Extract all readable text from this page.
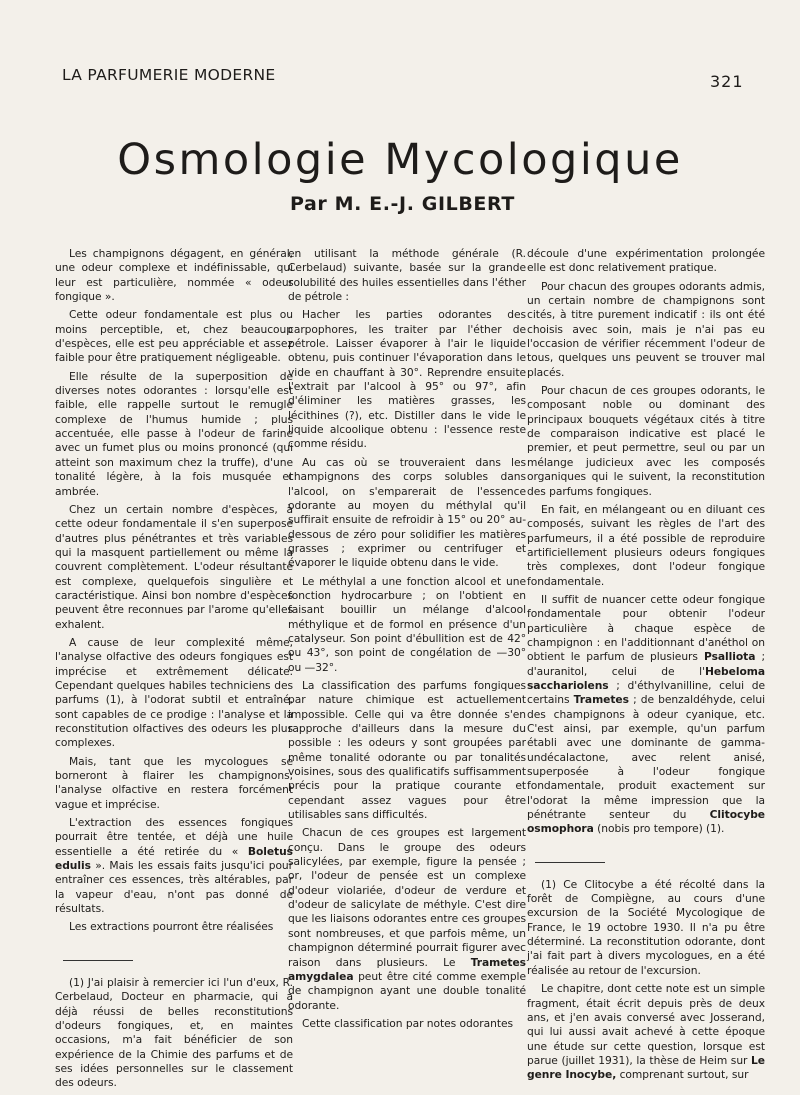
LA PARFUMERIE MODERNE	321
Osmologie Mycologique
Par M. E.-J. GILBERT

Les champignons dégagent, en général, une odeur complexe et indéfinissable, qui leur est particulière, nommée « odeur fongique ».

Cette odeur fondamentale est plus ou moins perceptible, et, chez beaucoup d'espèces, elle est peu appréciable et assez faible pour être pratiquement négligeable.

Elle résulte de la superposition de diverses notes odorantes : lorsqu'elle est faible, elle rappelle surtout le remugle complexe de l'humus humide ; plus accentuée, elle passe à l'odeur de farine avec un fumet plus ou moins prononcé (qui atteint son maximum chez la truffe), d'une tonalité légère, à la fois musquée et ambrée.

Chez un certain nombre d'espèces, à cette odeur fondamentale il s'en superpose d'autres plus pénétrantes et très variables qui la masquent partiellement ou même la couvrent complètement. L'odeur résultante est complexe, quelquefois singulière et caractéristique. Ainsi bon nombre d'espèces peuvent être reconnues par l'arome qu'elles exhalent.

A cause de leur complexité même, l'analyse olfactive des odeurs fongiques est imprécise et extrêmement délicate. Cependant quelques habiles techniciens des parfums (1), à l'odorat subtil et entraîné, sont capables de ce prodige : l'analyse et la reconstitution olfactives des odeurs les plus complexes.

Mais, tant que les mycologues se borneront à flairer les champignons, l'analyse olfactive en restera forcément vague et imprécise.

L'extraction des essences fongiques pourrait être tentée, et déjà une huile essentielle a été retirée du « Boletus edulis ». Mais les essais faits jusqu'ici pour entraîner ces essences, très altérables, par la vapeur d'eau, n'ont pas donné de résultats.

Les extractions pourront être réalisées

(1) J'ai plaisir à remercier ici l'un d'eux, R. Cerbelaud, Docteur en pharmacie, qui a déjà réussi de belles reconstitutions d'odeurs fongiques, et, en maintes occasions, m'a fait bénéficier de son expérience de la Chimie des parfums et de ses idées personnelles sur le classement des odeurs.

en utilisant la méthode générale (R. Cerbelaud) suivante, basée sur la grande solubilité des huiles essentielles dans l'éther de pétrole :

Hacher les parties odorantes des carpophores, les traiter par l'éther de pétrole. Laisser évaporer à l'air le liquide obtenu, puis continuer l'évaporation dans le vide en chauffant à 30°. Reprendre ensuite l'extrait par l'alcool à 95° ou 97°, afin d'éliminer les matières grasses, les lécithines (?), etc. Distiller dans le vide le liquide alcoolique obtenu : l'essence reste comme résidu.

Au cas où se trouveraient dans les champignons des corps solubles dans l'alcool, on s'emparerait de l'essence odorante au moyen du méthylal qu'il suffirait ensuite de refroidir à 15° ou 20° au-dessous de zéro pour solidifier les matières grasses ; exprimer ou centrifuger et évaporer le liquide obtenu dans le vide.

Le méthylal a une fonction alcool et une fonction hydrocarbure ; on l'obtient en faisant bouillir un mélange d'alcool méthylique et de formol en présence d'un catalyseur. Son point d'ébullition est de 42° ou 43°, son point de congélation de —30° ou —32°.

La classification des parfums fongiques par nature chimique est actuellement impossible. Celle qui va être donnée s'en rapproche d'ailleurs dans la mesure du possible : les odeurs y sont groupées par même tonalité odorante ou par tonalités voisines, sous des qualificatifs suffisamment précis pour la pratique courante et cependant assez vagues pour être utilisables sans difficultés.

Chacun de ces groupes est largement conçu. Dans le groupe des odeurs salicylées, par exemple, figure la pensée ; or, l'odeur de pensée est un complexe d'odeur violariée, d'odeur de verdure et d'odeur de salicylate de méthyle. C'est dire que les liaisons odorantes entre ces groupes sont nombreuses, et que parfois même, un champignon déterminé pourrait figurer avec raison dans plusieurs. Le Trametes amygdalea peut être cité comme exemple de champignon ayant une double tonalité odorante.

Cette classification par notes odorantes

découle d'une expérimentation prolongée elle est donc relativement pratique.

Pour chacun des groupes odorants admis, un certain nombre de champignons sont cités, à titre purement indicatif : ils ont été choisis avec soin, mais je n'ai pas eu l'occasion de vérifier récemment l'odeur de tous, quelques uns peuvent se trouver mal placés.

Pour chacun de ces groupes odorants, le composant noble ou dominant des principaux bouquets végétaux cités à titre de comparaison indicative est placé le premier, et peut permettre, seul ou par un mélange judicieux avec les composés organiques qui le suivent, la reconstitution des parfums fongiques.

En fait, en mélangeant ou en diluant ces composés, suivant les règles de l'art des parfumeurs, il a été possible de reproduire artificiellement plusieurs odeurs fongiques très complexes, dont l'odeur fongique fondamentale.

Il suffit de nuancer cette odeur fongique fondamentale pour obtenir l'odeur particulière à chaque espèce de champignon : en l'additionnant d'anéthol on obtient le parfum de plusieurs Psalliota ; d'auranitol, celui de l'Hebeloma sacchariolens ; d'éthylvanilline, celui de certains Trametes ; de benzaldéhyde, celui des champignons à odeur cyanique, etc. C'est ainsi, par exemple, qu'un parfum établi avec une dominante de gamma-undécalactone, avec relent anisé, superposée à l'odeur fongique fondamentale, produit exactement sur l'odorat la même impression que la pénétrante senteur du Clitocybe osmophora (nobis pro tempore) (1).

(1) Ce Clitocybe a été récolté dans la forêt de Compiègne, au cours d'une excursion de la Société Mycologique de France, le 19 octobre 1930. Il n'a pu être déterminé. La reconstitution odorante, dont j'ai fait part à divers mycologues, en a été réalisée au retour de l'excursion.

Le chapitre, dont cette note est un simple fragment, était écrit depuis près de deux ans, et j'en avais conversé avec Josserand, qui lui aussi avait achevé à cette époque une étude sur cette question, lorsque est parue (juillet 1931), la thèse de Heim sur Le genre Inocybe, comprenant surtout, sur
